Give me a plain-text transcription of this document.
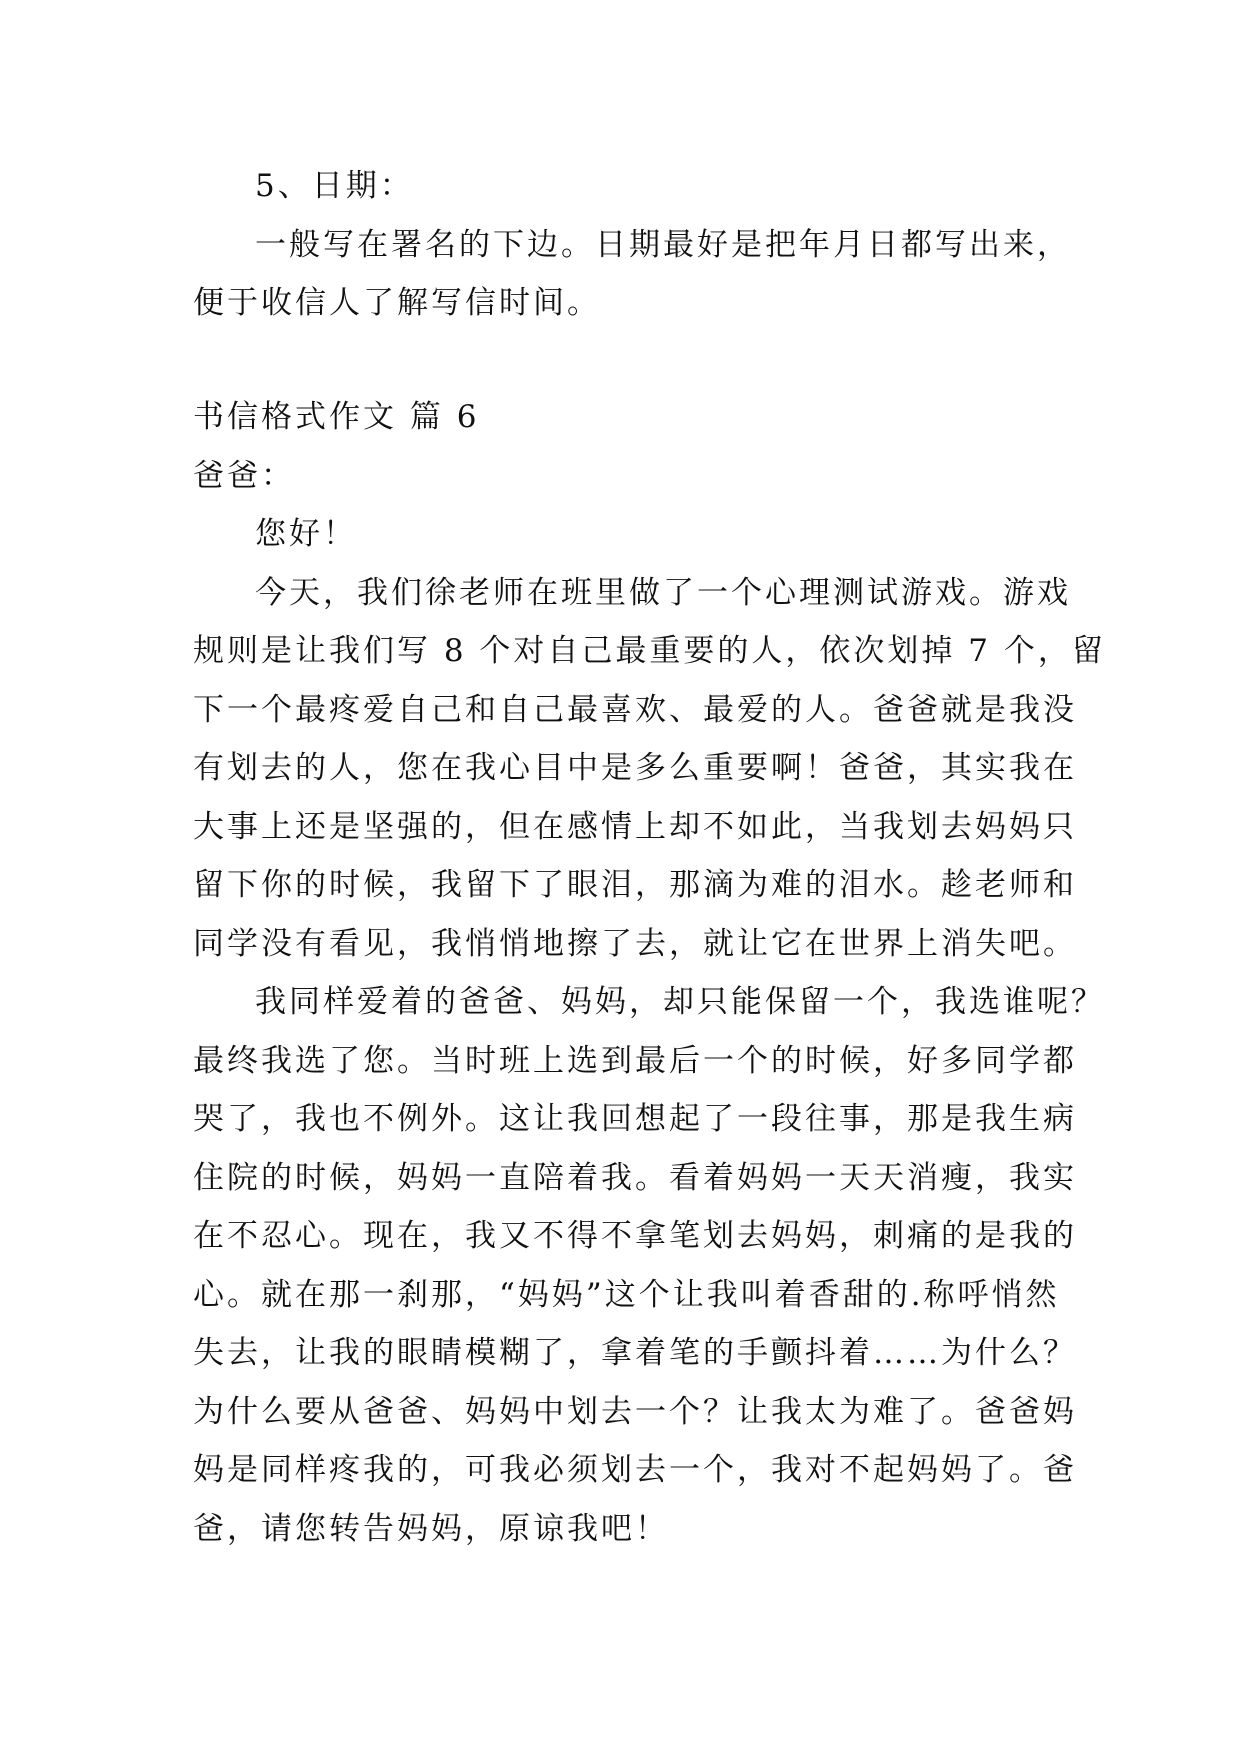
5、日期：
一般写在署名的下边。日期最好是把年月日都写出来，
便于收信人了解写信时间。
书信格式作文 篇 6
爸爸：
您好！
今天，我们徐老师在班里做了一个心理测试游戏。游戏
规则是让我们写 8 个对自己最重要的人，依次划掉 7 个，留
下一个最疼爱自己和自己最喜欢、最爱的人。爸爸就是我没
有划去的人，您在我心目中是多么重要啊！爸爸，其实我在
大事上还是坚强的，但在感情上却不如此，当我划去妈妈只
留下你的时候，我留下了眼泪，那滴为难的泪水。趁老师和
同学没有看见，我悄悄地擦了去，就让它在世界上消失吧。
我同样爱着的爸爸、妈妈，却只能保留一个，我选谁呢？
最终我选了您。当时班上选到最后一个的时候，好多同学都
哭了，我也不例外。这让我回想起了一段往事，那是我生病
住院的时候，妈妈一直陪着我。看着妈妈一天天消瘦，我实
在不忍心。现在，我又不得不拿笔划去妈妈，刺痛的是我的
心。就在那一刹那，“妈妈”这个让我叫着香甜的.称呼悄然
失去，让我的眼睛模糊了，拿着笔的手颤抖着……为什么？
为什么要从爸爸、妈妈中划去一个？让我太为难了。爸爸妈
妈是同样疼我的，可我必须划去一个，我对不起妈妈了。爸
爸，请您转告妈妈，原谅我吧！
